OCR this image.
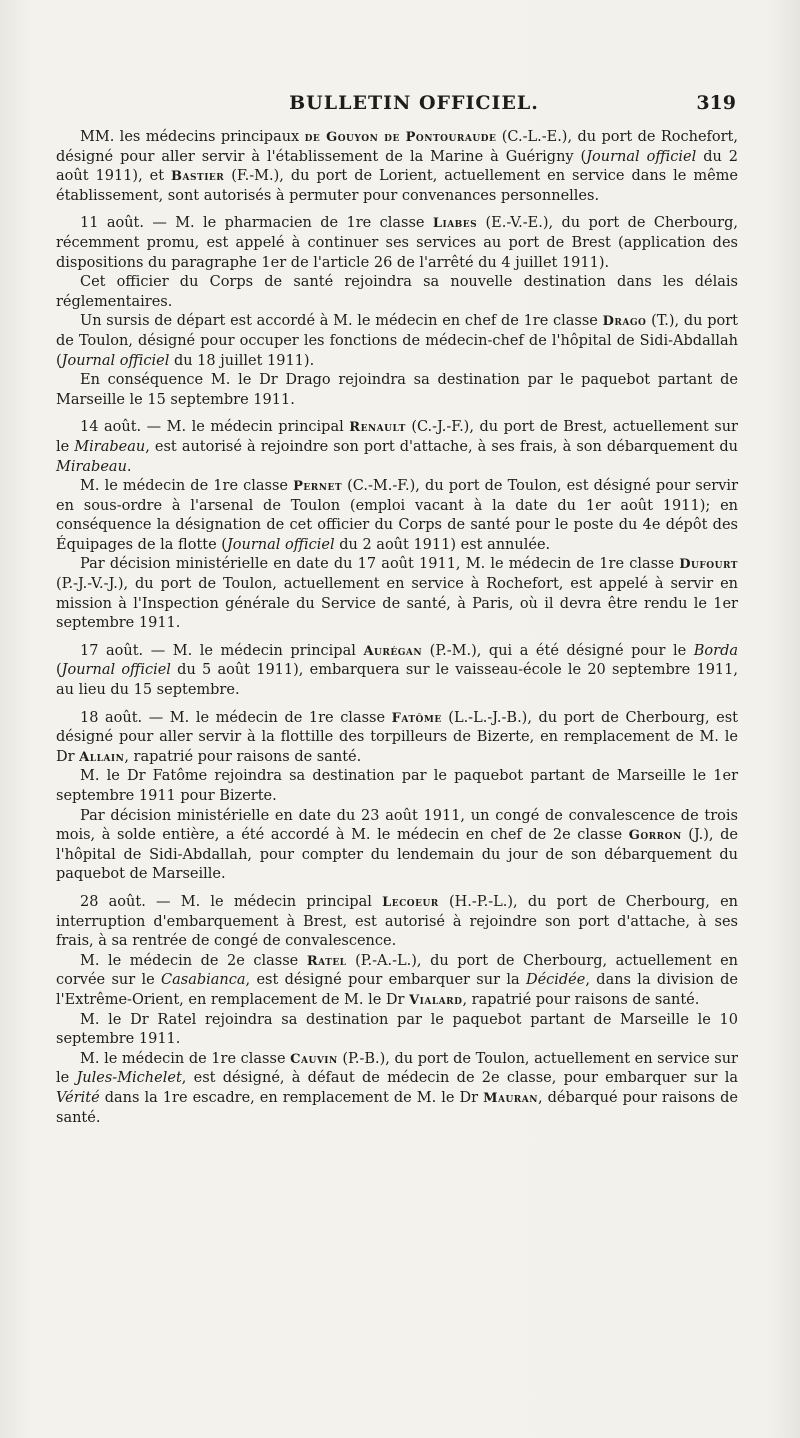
BULLETIN OFFICIEL.	319

MM. les médecins principaux de Gouyon de Pontouraude (C.-L.-E.), du port de Rochefort, désigné pour aller servir à l'établissement de la Marine à Guérigny (Journal officiel du 2 août 1911), et Bastier (F.-M.), du port de Lorient, actuellement en service dans le même établissement, sont autorisés à permuter pour convenances personnelles.

11 août. — M. le pharmacien de 1re classe Liabes (E.-V.-E.), du port de Cherbourg, récemment promu, est appelé à continuer ses services au port de Brest (application des dispositions du paragraphe 1er de l'article 26 de l'arrêté du 4 juillet 1911).

Cet officier du Corps de santé rejoindra sa nouvelle destination dans les délais réglementaires.

Un sursis de départ est accordé à M. le médecin en chef de 1re classe Drago (T.), du port de Toulon, désigné pour occuper les fonctions de médecin-chef de l'hôpital de Sidi-Abdallah (Journal officiel du 18 juillet 1911).

En conséquence M. le Dr Drago rejoindra sa destination par le paquebot partant de Marseille le 15 septembre 1911.

14 août. — M. le médecin principal Renault (C.-J.-F.), du port de Brest, actuellement sur le Mirabeau, est autorisé à rejoindre son port d'attache, à ses frais, à son débarquement du Mirabeau.

M. le médecin de 1re classe Pernet (C.-M.-F.), du port de Toulon, est désigné pour servir en sous-ordre à l'arsenal de Toulon (emploi vacant à la date du 1er août 1911); en conséquence la désignation de cet officier du Corps de santé pour le poste du 4e dépôt des Équipages de la flotte (Journal officiel du 2 août 1911) est annulée.

Par décision ministérielle en date du 17 août 1911, M. le médecin de 1re classe Dufourt (P.-J.-V.-J.), du port de Toulon, actuellement en service à Rochefort, est appelé à servir en mission à l'Inspection générale du Service de santé, à Paris, où il devra être rendu le 1er septembre 1911.

17 août. — M. le médecin principal Aurégan (P.-M.), qui a été désigné pour le Borda (Journal officiel du 5 août 1911), embarquera sur le vaisseau-école le 20 septembre 1911, au lieu du 15 septembre.

18 août. — M. le médecin de 1re classe Fatôme (L.-L.-J.-B.), du port de Cherbourg, est désigné pour aller servir à la flottille des torpilleurs de Bizerte, en remplacement de M. le Dr Allain, rapatrié pour raisons de santé.

M. le Dr Fatôme rejoindra sa destination par le paquebot partant de Marseille le 1er septembre 1911 pour Bizerte.

Par décision ministérielle en date du 23 août 1911, un congé de convalescence de trois mois, à solde entière, a été accordé à M. le médecin en chef de 2e classe Gorron (J.), de l'hôpital de Sidi-Abdallah, pour compter du lendemain du jour de son débarquement du paquebot de Marseille.

28 août. — M. le médecin principal Lecoeur (H.-P.-L.), du port de Cherbourg, en interruption d'embarquement à Brest, est autorisé à rejoindre son port d'attache, à ses frais, à sa rentrée de congé de convalescence.

M. le médecin de 2e classe Ratel (P.-A.-L.), du port de Cherbourg, actuellement en corvée sur le Casabianca, est désigné pour embarquer sur la Décidée, dans la division de l'Extrême-Orient, en remplacement de M. le Dr Vialard, rapatrié pour raisons de santé.

M. le Dr Ratel rejoindra sa destination par le paquebot partant de Marseille le 10 septembre 1911.

M. le médecin de 1re classe Cauvin (P.-B.), du port de Toulon, actuellement en service sur le Jules-Michelet, est désigné, à défaut de médecin de 2e classe, pour embarquer sur la Vérité dans la 1re escadre, en remplacement de M. le Dr Mauran, débarqué pour raisons de santé.
